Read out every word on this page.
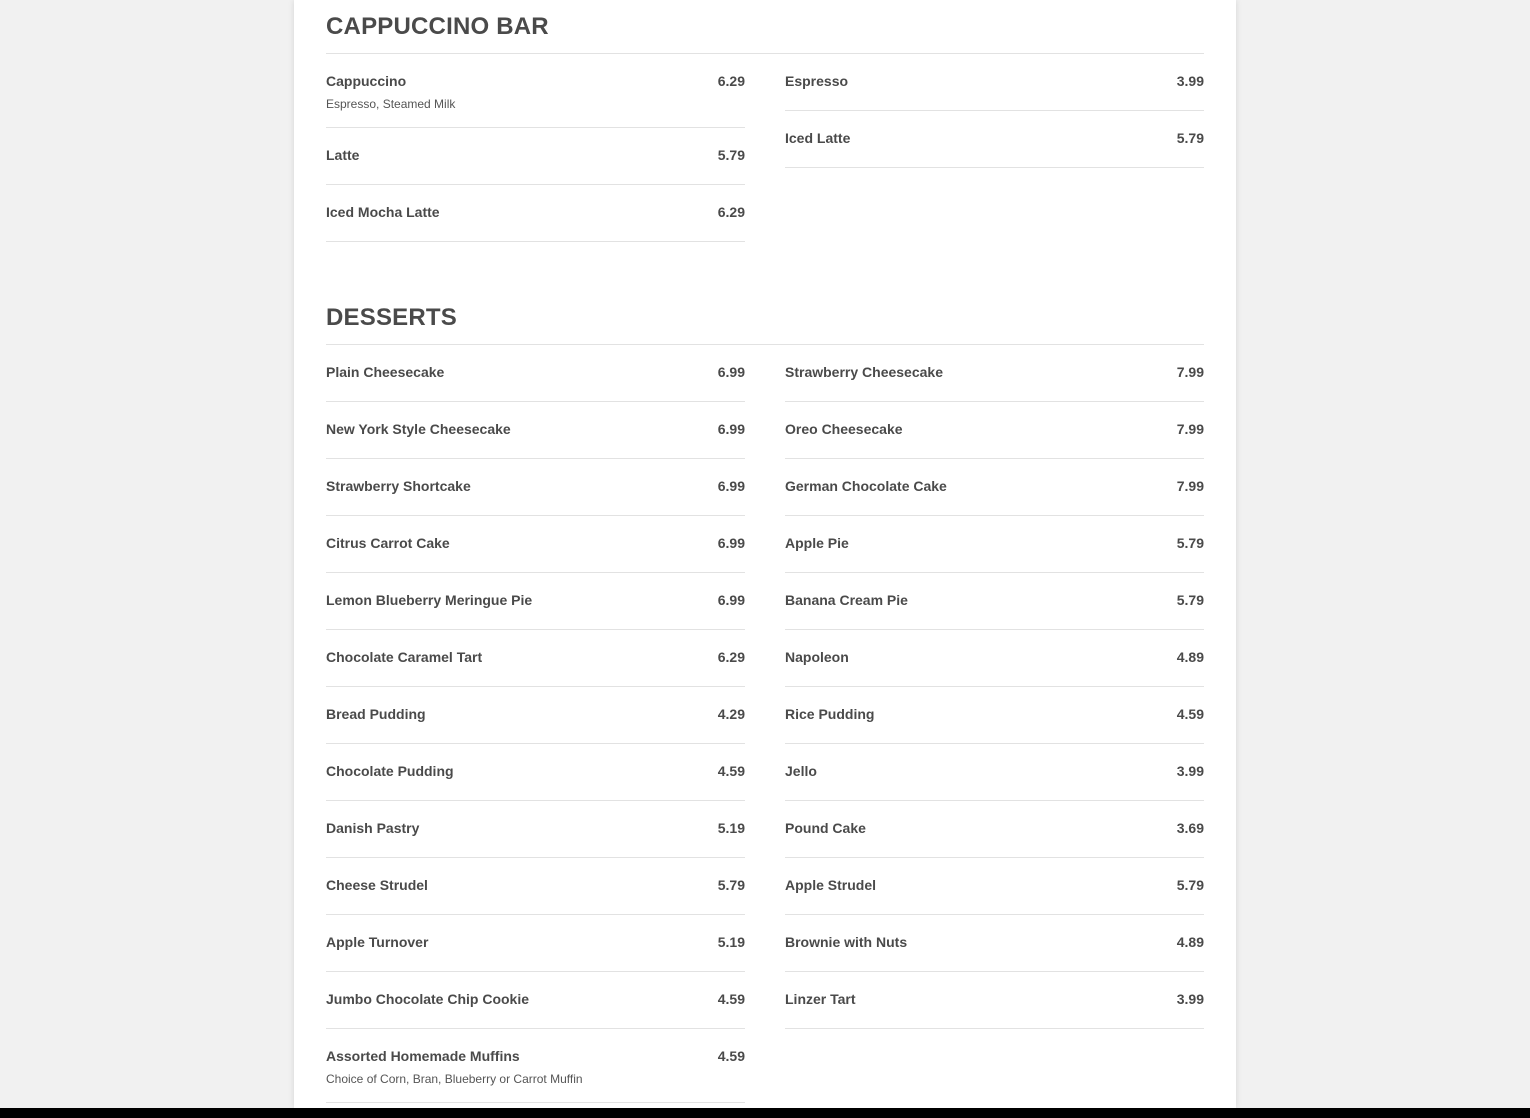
CAPPUCCINO BAR
Cappuccino	6.29
Espresso, Steamed Milk
Latte	5.79
Iced Mocha Latte	6.29
Espresso	3.99
Iced Latte	5.79
DESSERTS
Plain Cheesecake	6.99
New York Style Cheesecake	6.99
Strawberry Shortcake	6.99
Citrus Carrot Cake	6.99
Lemon Blueberry Meringue Pie	6.99
Chocolate Caramel Tart	6.29
Bread Pudding	4.29
Chocolate Pudding	4.59
Danish Pastry	5.19
Cheese Strudel	5.79
Apple Turnover	5.19
Jumbo Chocolate Chip Cookie	4.59
Assorted Homemade Muffins	4.59
Choice of Corn, Bran, Blueberry or Carrot Muffin
Strawberry Cheesecake	7.99
Oreo Cheesecake	7.99
German Chocolate Cake	7.99
Apple Pie	5.79
Banana Cream Pie	5.79
Napoleon	4.89
Rice Pudding	4.59
Jello	3.99
Pound Cake	3.69
Apple Strudel	5.79
Brownie with Nuts	4.89
Linzer Tart	3.99
